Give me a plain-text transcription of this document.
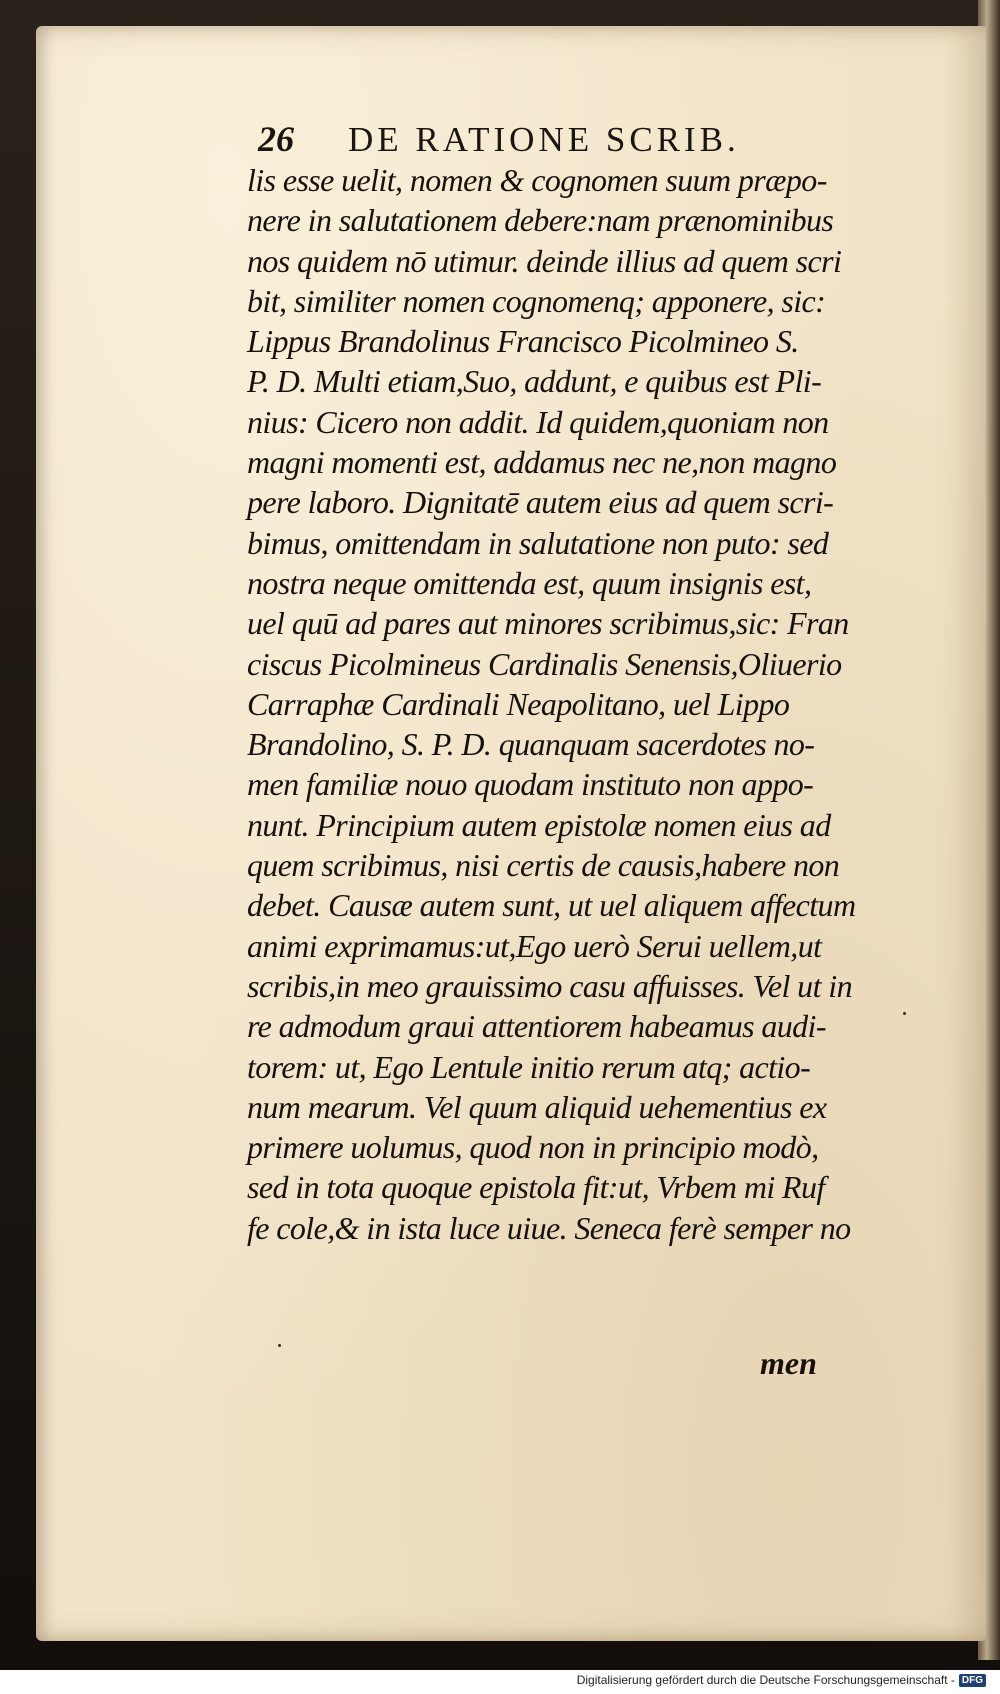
26	DE RATIONE SCRIB.
lis esse uelit, nomen & cognomen suum præpo-
nere in salutationem debere:nam prænominibus
nos quidem nō utimur. deinde illius ad quem scri
bit, similiter nomen cognomenq; apponere, sic:
Lippus Brandolinus Francisco Picolmineo S.
P. D. Multi etiam,Suo, addunt, e quibus est Pli-
nius: Cicero non addit. Id quidem,quoniam non
magni momenti est, addamus nec ne,non magno
pere laboro. Dignitatē autem eius ad quem scri-
bimus, omittendam in salutatione non puto: sed
nostra neque omittenda est, quum insignis est,
uel quū ad pares aut minores scribimus,sic: Fran
ciscus Picolmineus Cardinalis Senensis,Oliuerio
Carraphæ Cardinali Neapolitano, uel Lippo
Brandolino, S. P. D. quanquam sacerdotes no-
men familiæ nouo quodam instituto non appo-
nunt. Principium autem epistolæ nomen eius ad
quem scribimus, nisi certis de causis,habere non
debet. Causæ autem sunt, ut uel aliquem affectum
animi exprimamus:ut,Ego uerò Serui uellem,ut
scribis,in meo grauissimo casu affuisses. Vel ut in
re admodum graui attentiorem habeamus audi-
torem: ut, Ego Lentule initio rerum atq; actio-
num mearum. Vel quum aliquid uehementius ex
primere uolumus, quod non in principio modò,
sed in tota quoque epistola fit:ut, Vrbem mi Ruf
fe cole,& in ista luce uiue. Seneca ferè semper no
men
Digitalisierung gefördert durch die Deutsche Forschungsgemeinschaft - DFG
